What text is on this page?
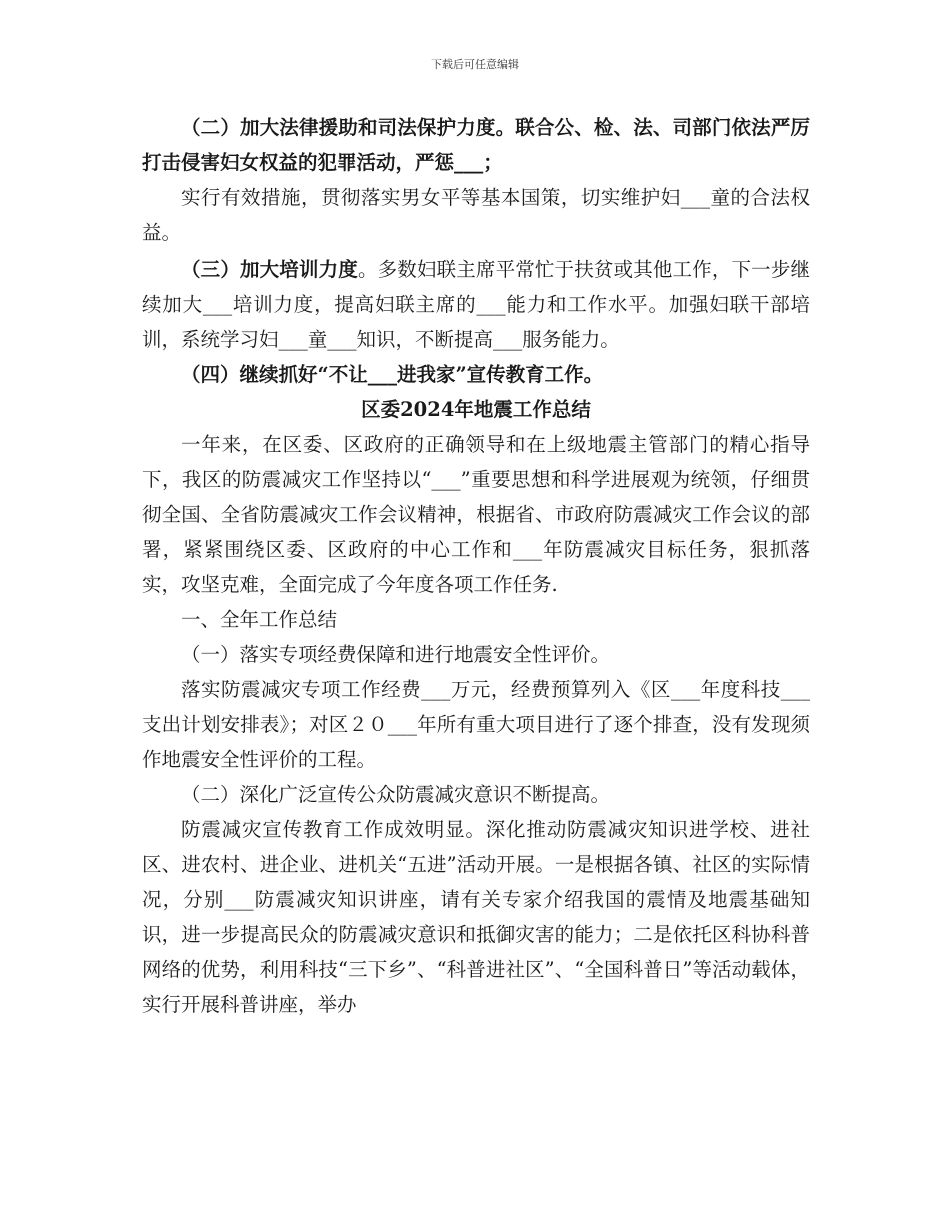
下载后可任意编辑

（二）加大法律援助和司法保护力度。联合公、检、法、司部门依法严厉打击侵害妇女权益的犯罪活动，严惩___；

实行有效措施，贯彻落实男女平等基本国策，切实维护妇___童的合法权益。

（三）加大培训力度。多数妇联主席平常忙于扶贫或其他工作，下一步继续加大___培训力度，提高妇联主席的___能力和工作水平。加强妇联干部培训，系统学习妇___童___知识，不断提高___服务能力。

（四）继续抓好“不让___进我家”宣传教育工作。

区委2024年地震工作总结

一年来，在区委、区政府的正确领导和在上级地震主管部门的精心指导下，我区的防震减灾工作坚持以“___”重要思想和科学进展观为统领，仔细贯彻全国、全省防震减灾工作会议精神，根据省、市政府防震减灾工作会议的部署，紧紧围绕区委、区政府的中心工作和___年防震减灾目标任务，狠抓落实，攻坚克难，全面完成了今年度各项工作任务.

一、全年工作总结

（一）落实专项经费保障和进行地震安全性评价。

落实防震减灾专项工作经费___万元，经费预算列入《区___年度科技___支出计划安排表》；对区２０___年所有重大项目进行了逐个排查，没有发现须作地震安全性评价的工程。

（二）深化广泛宣传公众防震减灾意识不断提高。

防震减灾宣传教育工作成效明显。深化推动防震减灾知识进学校、进社区、进农村、进企业、进机关“五进”活动开展。一是根据各镇、社区的实际情况，分别___防震减灾知识讲座，请有关专家介绍我国的震情及地震基础知识，进一步提高民众的防震减灾意识和抵御灾害的能力；二是依托区科协科普网络的优势，利用科技“三下乡”、“科普进社区”、“全国科普日”等活动载体，实行开展科普讲座，举办
